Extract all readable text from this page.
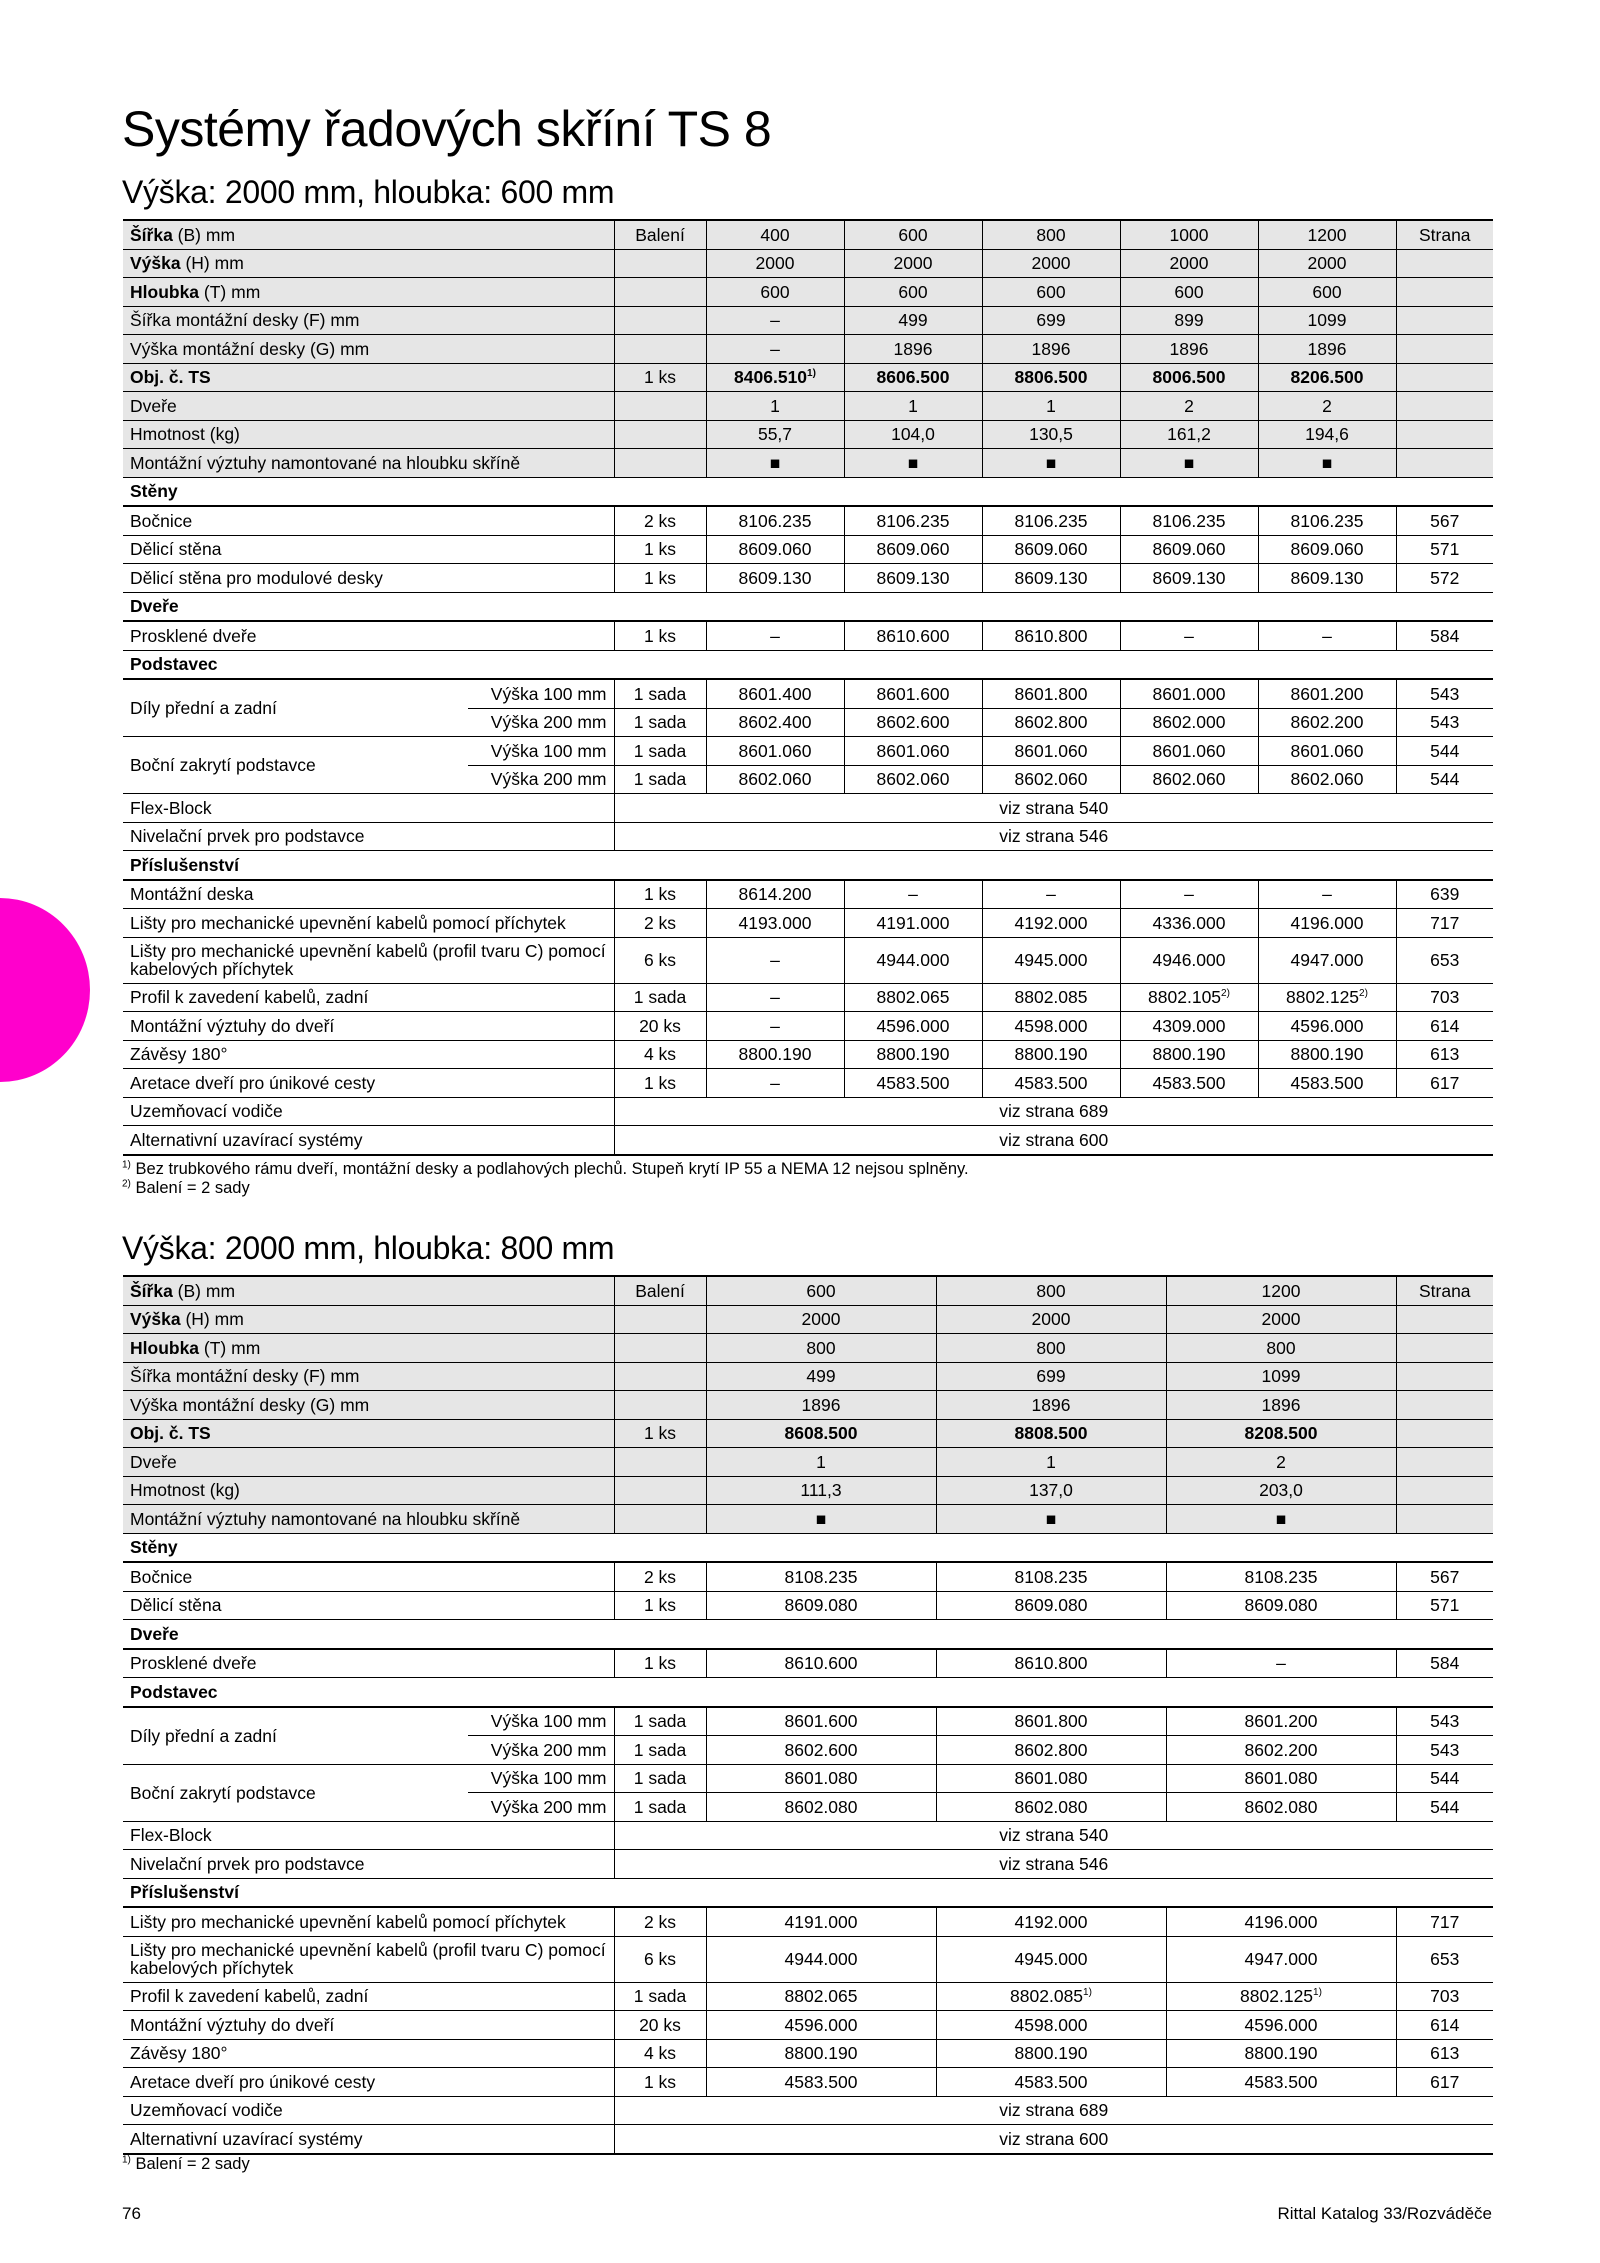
Systémy řadových skříní TS 8
Výška: 2000 mm, hloubka: 600 mm
Šířka (B) mm		Balení	400	600	800	1000	1200	Strana
Výška (H) mm			2000	2000	2000	2000	2000	
Hloubka (T) mm			600	600	600	600	600	
Šířka montážní desky (F) mm			–	499	699	899	1099	
Výška montážní desky (G) mm			–	1896	1896	1896	1896	
Obj. č. TS		1 ks	8406.510$^{1)}$	8606.500	8806.500	8006.500	8206.500	
Dveře			1	1	1	2	2	
Hmotnost (kg)			55,7	104,0	130,5	161,2	194,6	
Montážní výztuhy namontované na hloubku skříně			■	■	■	■	■	
Stěny								
Bočnice		2 ks	8106.235	8106.235	8106.235	8106.235	8106.235	567
Dělicí stěna		1 ks	8609.060	8609.060	8609.060	8609.060	8609.060	571
Dělicí stěna pro modulové desky		1 ks	8609.130	8609.130	8609.130	8609.130	8609.130	572
Dveře								
Prosklené dveře		1 ks	–	8610.600	8610.800	–	–	584
Podstavec								
Díly přední a zadní	Výška 100 mm	1 sada	8601.400	8601.600	8601.800	8601.000	8601.200	543
	Výška 200 mm	1 sada	8602.400	8602.600	8602.800	8602.000	8602.200	543
Boční zakrytí podstavce	Výška 100 mm	1 sada	8601.060	8601.060	8601.060	8601.060	8601.060	544
	Výška 200 mm	1 sada	8602.060	8602.060	8602.060	8602.060	8602.060	544
Flex-Block		viz strana 540						
Nivelační prvek pro podstavce		viz strana 546						
Příslušenství								
Montážní deska		1 ks	8614.200	–	–	–	–	639
Lišty pro mechanické upevnění kabelů pomocí příchytek		2 ks	4193.000	4191.000	4192.000	4336.000	4196.000	717
Lišty pro mechanické upevnění kabelů (profil tvaru C) pomocí kabelových příchytek		6 ks	–	4944.000	4945.000	4946.000	4947.000	653
Profil k zavedení kabelů, zadní		1 sada	–	8802.065	8802.085	8802.105$^{2)}$	8802.125$^{2)}$	703
Montážní výztuhy do dveří		20 ks	–	4596.000	4598.000	4309.000	4596.000	614
Závěsy 180°		4 ks	8800.190	8800.190	8800.190	8800.190	8800.190	613
Aretace dveří pro únikové cesty		1 ks	–	4583.500	4583.500	4583.500	4583.500	617
Uzemňovací vodiče		viz strana 689						
Alternativní uzavírací systémy		viz strana 600						
$^{1)}$ Bez trubkového rámu dveří, montážní desky a podlahových plechů. Stupeň krytí IP 55 a NEMA 12 nejsou splněny.
$^{2)}$ Balení = 2 sady
Výška: 2000 mm, hloubka: 800 mm
Šířka (B) mm		Balení	600	800	1200	Strana
Výška (H) mm			2000	2000	2000	
Hloubka (T) mm			800	800	800	
Šířka montážní desky (F) mm			499	699	1099	
Výška montážní desky (G) mm			1896	1896	1896	
Obj. č. TS		1 ks	8608.500	8808.500	8208.500	
Dveře			1	1	2	
Hmotnost (kg)			111,3	137,0	203,0	
Montážní výztuhy namontované na hloubku skříně			■	■	■	
Stěny						
Bočnice		2 ks	8108.235	8108.235	8108.235	567
Dělicí stěna		1 ks	8609.080	8609.080	8609.080	571
Dveře						
Prosklené dveře		1 ks	8610.600	8610.800	–	584
Podstavec						
Díly přední a zadní	Výška 100 mm	1 sada	8601.600	8601.800	8601.200	543
	Výška 200 mm	1 sada	8602.600	8602.800	8602.200	543
Boční zakrytí podstavce	Výška 100 mm	1 sada	8601.080	8601.080	8601.080	544
	Výška 200 mm	1 sada	8602.080	8602.080	8602.080	544
Flex-Block		viz strana 540				
Nivelační prvek pro podstavce		viz strana 546				
Příslušenství						
Lišty pro mechanické upevnění kabelů pomocí příchytek		2 ks	4191.000	4192.000	4196.000	717
Lišty pro mechanické upevnění kabelů (profil tvaru C) pomocí kabelových příchytek		6 ks	4944.000	4945.000	4947.000	653
Profil k zavedení kabelů, zadní		1 sada	8802.065	8802.085$^{1)}$	8802.125$^{1)}$	703
Montážní výztuhy do dveří		20 ks	4596.000	4598.000	4596.000	614
Závěsy 180°		4 ks	8800.190	8800.190	8800.190	613
Aretace dveří pro únikové cesty		1 ks	4583.500	4583.500	4583.500	617
Uzemňovací vodiče		viz strana 689				
Alternativní uzavírací systémy		viz strana 600				
$^{1)}$ Balení = 2 sady
76	Rittal Katalog 33/Rozváděče
